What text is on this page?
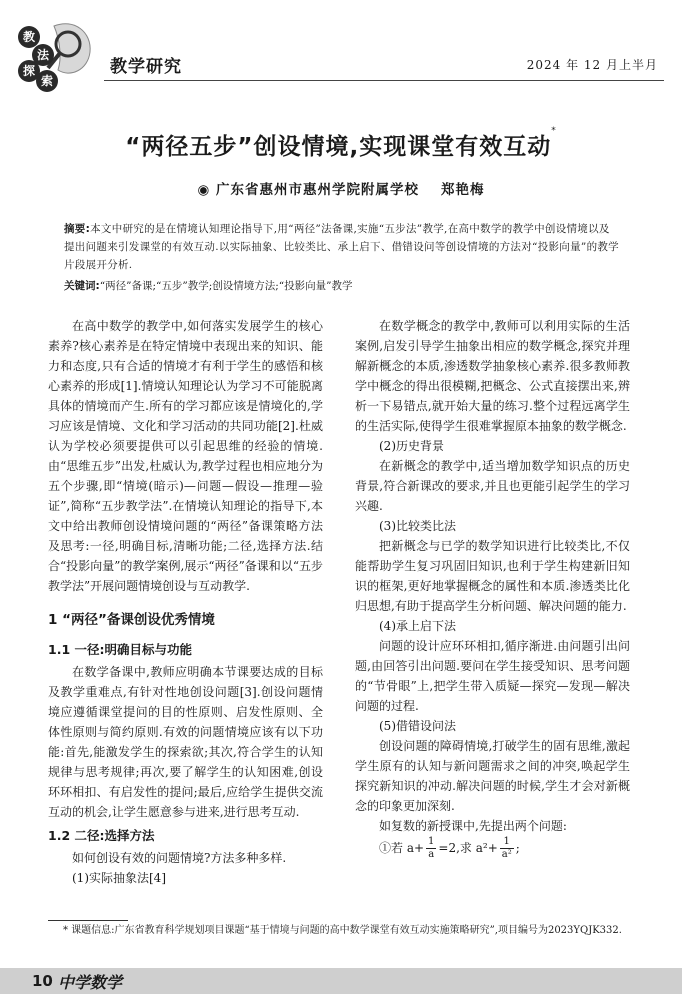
教
法
探
索
教学研究	2024 年 12 月上半月
“两径五步”创设情境,实现课堂有效互动*
◉ 广东省惠州市惠州学院附属学校 郑艳梅
摘要:本文中研究的是在情境认知理论指导下,用“两径”法备课,实施“五步法”教学,在高中数学的教学中创设情境以及提出问题来引发课堂的有效互动.以实际抽象、比较类比、承上启下、借错设问等创设情境的方法对“投影向量”的教学片段展开分析.
关键词:“两径”备课;“五步”教学;创设情境方法;“投影向量”教学

在高中数学的教学中,如何落实发展学生的核心素养?核心素养是在特定情境中表现出来的知识、能力和态度,只有合适的情境才有利于学生的感悟和核心素养的形成[1].情境认知理论认为学习不可能脱离具体的情境而产生.所有的学习都应该是情境化的,学习应该是情境、文化和学习活动的共同功能[2].杜威认为学校必须要提供可以引起思维的经验的情境.由“思维五步”出发,杜威认为,教学过程也相应地分为五个步骤,即“情境(暗示)—问题—假设—推理—验证”,简称“五步教学法”.在情境认知理论的指导下,本文中给出教师创设情境问题的“两径”备课策略方法及思考:一径,明确目标,清晰功能;二径,选择方法.结合“投影向量”的教学案例,展示“两径”备课和以“五步教学法”开展问题情境创设与互动教学.

1 “两径”备课创设优秀情境
1.1 一径:明确目标与功能

在数学备课中,教师应明确本节课要达成的目标及教学重难点,有针对性地创设问题[3].创设问题情境应遵循课堂提问的目的性原则、启发性原则、全体性原则与简约原则.有效的问题情境应该有以下功能:首先,能激发学生的探索欲;其次,符合学生的认知规律与思考规律;再次,要了解学生的认知困难,创设环环相扣、有启发性的提问;最后,应给学生提供交流互动的机会,让学生愿意参与进来,进行思考互动.

1.2 二径:选择方法

如何创设有效的问题情境?方法多种多样.

(1)实际抽象法[4]

在数学概念的教学中,教师可以利用实际的生活案例,启发引导学生抽象出相应的数学概念,探究并理解新概念的本质,渗透数学抽象核心素养.很多教师教学中概念的得出很模糊,把概念、公式直接摆出来,辨析一下易错点,就开始大量的练习.整个过程远离学生的生活实际,使得学生很难掌握原本抽象的数学概念.

(2)历史背景

在新概念的教学中,适当增加数学知识点的历史背景,符合新课改的要求,并且也更能引起学生的学习兴趣.

(3)比较类比法

把新概念与已学的数学知识进行比较类比,不仅能帮助学生复习巩固旧知识,也利于学生构建新旧知识的框架,更好地掌握概念的属性和本质.渗透类比化归思想,有助于提高学生分析问题、解决问题的能力.

(4)承上启下法

问题的设计应环环相扣,循序渐进.由问题引出问题,由回答引出问题.要问在学生接受知识、思考问题的“节骨眼”上,把学生带入质疑—探究—发现—解决问题的过程.

(5)借错设问法

创设问题的障碍情境,打破学生的固有思维,激起学生原有的认知与新问题需求之间的冲突,唤起学生探究新知识的冲动.解决问题的时候,学生才会对新概念的印象更加深刻.

如复数的新授课中,先提出两个问题:

①若 $a+ \frac{1}{a} =2$,求 $a^2+ \frac{1}{\text{a²}}$ ;
* 课题信息:广东省教育科学规划项目课题“基于情境与问题的高中数学课堂有效互动实施策略研究”,项目编号为2023YQJK332.
10 中学数学
